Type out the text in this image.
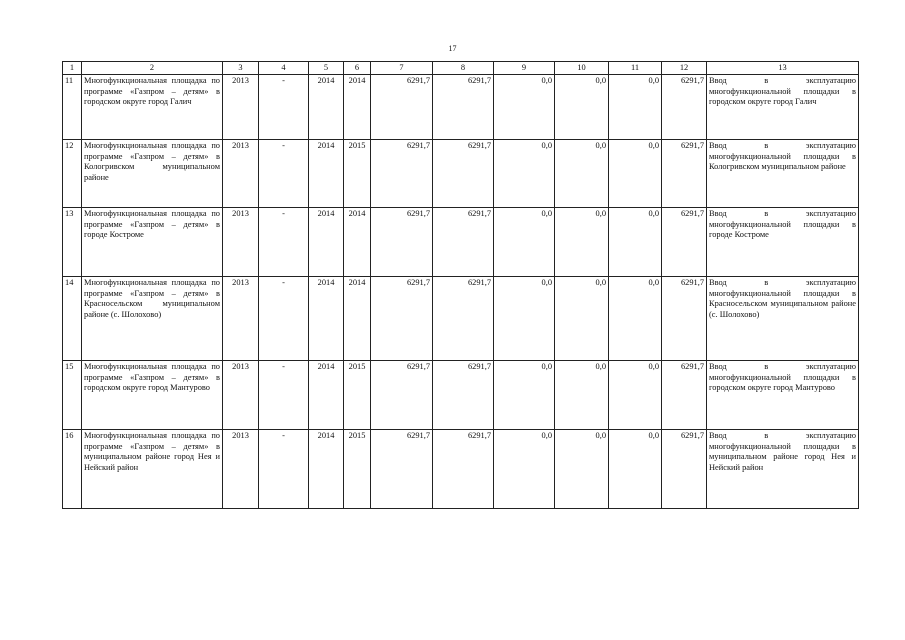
17
1	2	3	4	5	6	7	8	9	10	11	12	13
11	Многофункциональная площадка по программе «Газпром – детям» в городском округе город Галич	2013	-	2014	2014	6291,7	6291,7	0,0	0,0	0,0	6291,7	Ввод в эксплуатацию многофункциональной площадки в городском округе город Галич
12	Многофункциональная площадка по программе «Газпром – детям» в Кологривском муниципальном районе	2013	-	2014	2015	6291,7	6291,7	0,0	0,0	0,0	6291,7	Ввод в эксплуатацию многофункциональной площадки в Кологривском муниципальном районе
13	Многофункциональная площадка по программе «Газпром – детям» в городе Костроме	2013	-	2014	2014	6291,7	6291,7	0,0	0,0	0,0	6291,7	Ввод в эксплуатацию многофункциональной площадки в городе Костроме
14	Многофункциональная площадка по программе «Газпром – детям» в Красносельском муниципальном районе (с. Шолохово)	2013	-	2014	2014	6291,7	6291,7	0,0	0,0	0,0	6291,7	Ввод в эксплуатацию многофункциональной площадки в Красносельском муниципальном районе (с. Шолохово)
15	Многофункциональная площадка по программе «Газпром – детям» в городском округе город Мантурово	2013	-	2014	2015	6291,7	6291,7	0,0	0,0	0,0	6291,7	Ввод в эксплуатацию многофункциональной площадки в городском округе город Мантурово
16	Многофункциональная площадка по программе «Газпром – детям» в муниципальном районе город Нея и Нейский район	2013	-	2014	2015	6291,7	6291,7	0,0	0,0	0,0	6291,7	Ввод в эксплуатацию многофункциональной площадки в муниципальном районе город Нея и Нейский район
